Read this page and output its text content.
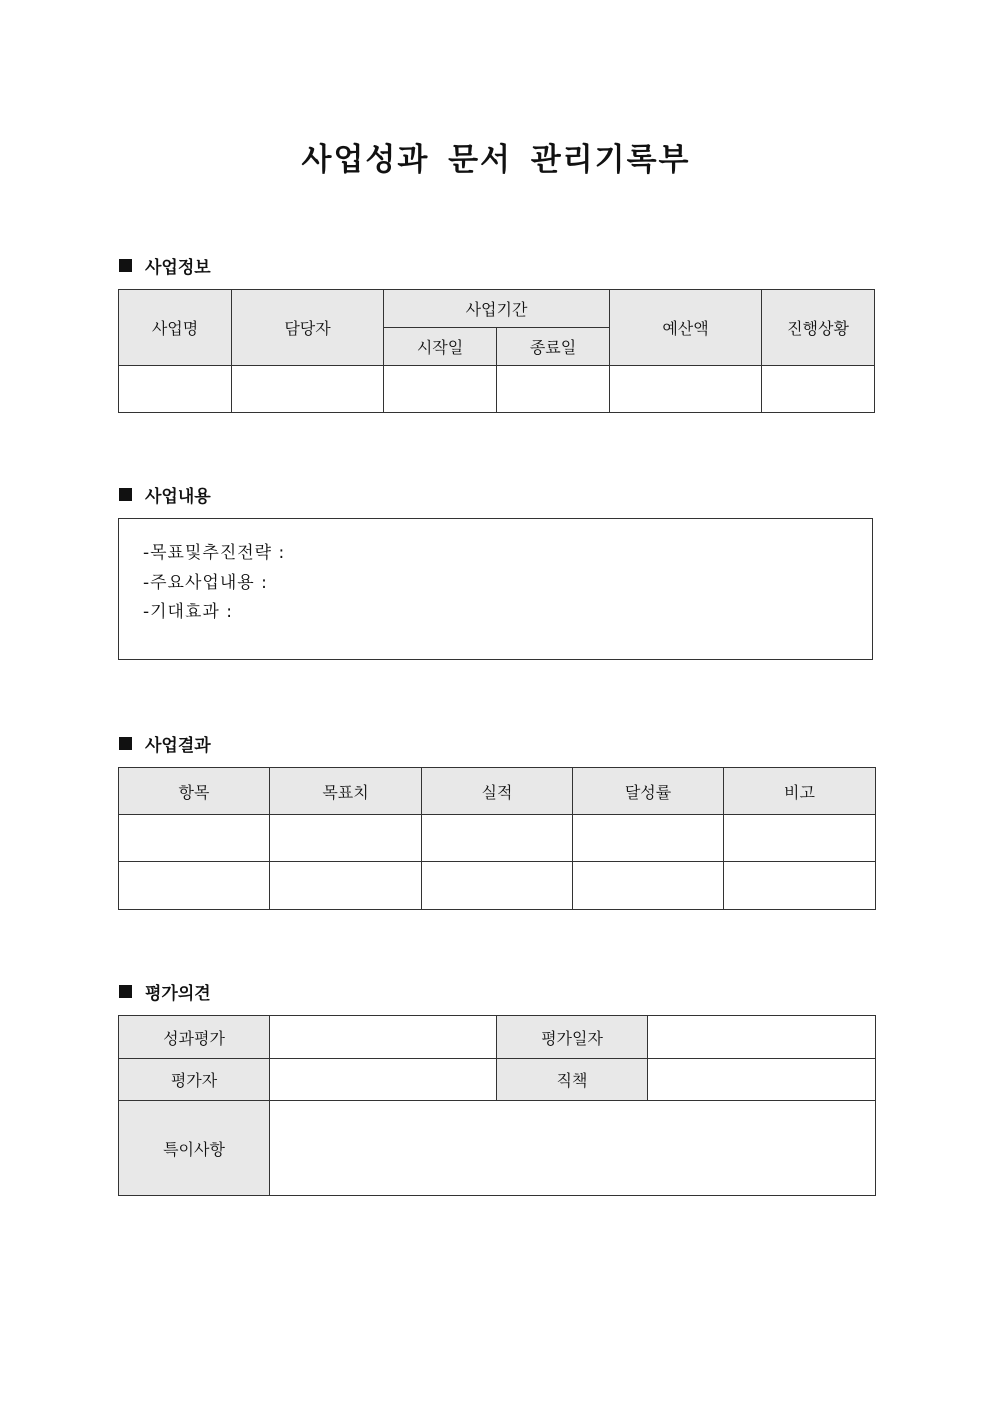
사업성과 문서 관리기록부
사업정보
사업명	담당자	사업기간		예산액	진행상황
		시작일	종료일		

사업내용
-목표및추진전략 :
-주요사업내용 :
-기대효과 :
사업결과
항목	목표치	실적	달성률	비고

평가의견
성과평가		평가일자	
평가자		직책	
특이사항			
